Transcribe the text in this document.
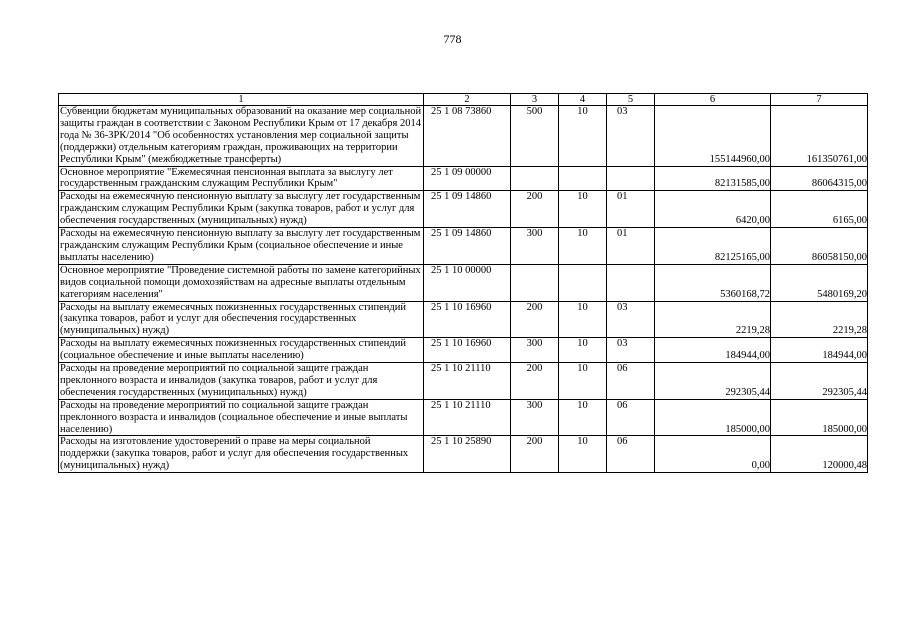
778
1	2	3	4	5	6	7
Субвенции бюджетам муниципальных образований на оказание мер социальной защиты граждан в соответствии с Законом Республики Крым от 17 декабря 2014 года № 36-ЗРК/2014 "Об особенностях установления мер социальной защиты (поддержки) отдельным категориям граждан, проживающих на территории Республики Крым" (межбюджетные трансферты)	25 1 08 73860	500	10	03	155144960,00	161350761,00
Основное мероприятие "Ежемесячная пенсионная выплата за выслугу лет государственным гражданским служащим Республики Крым"	25 1 09 00000				82131585,00	86064315,00
Расходы на ежемесячную пенсионную выплату за выслугу лет государственным гражданским служащим Республики Крым (закупка товаров, работ и услуг для обеспечения государственных (муниципальных) нужд)	25 1 09 14860	200	10	01	6420,00	6165,00
Расходы на ежемесячную пенсионную выплату за выслугу лет государственным гражданским служащим Республики Крым (социальное обеспечение и иные выплаты населению)	25 1 09 14860	300	10	01	82125165,00	86058150,00
Основное мероприятие "Проведение системной работы по замене категорийных видов социальной помощи домохозяйствам на адресные выплаты отдельным категориям населения"	25 1 10 00000				5360168,72	5480169,20
Расходы на выплату ежемесячных пожизненных государственных стипендий (закупка товаров, работ и услуг для обеспечения государственных (муниципальных) нужд)	25 1 10 16960	200	10	03	2219,28	2219,28
Расходы на выплату ежемесячных пожизненных государственных стипендий (социальное обеспечение и иные выплаты населению)	25 1 10 16960	300	10	03	184944,00	184944,00
Расходы на проведение мероприятий по социальной защите граждан преклонного возраста и инвалидов (закупка товаров, работ и услуг для обеспечения государственных (муниципальных) нужд)	25 1 10 21110	200	10	06	292305,44	292305,44
Расходы на проведение мероприятий по социальной защите граждан преклонного возраста и инвалидов (социальное обеспечение и иные выплаты населению)	25 1 10 21110	300	10	06	185000,00	185000,00
Расходы на изготовление удостоверений о праве на меры социальной поддержки (закупка товаров, работ и услуг для обеспечения государственных (муниципальных) нужд)	25 1 10 25890	200	10	06	0,00	120000,48
